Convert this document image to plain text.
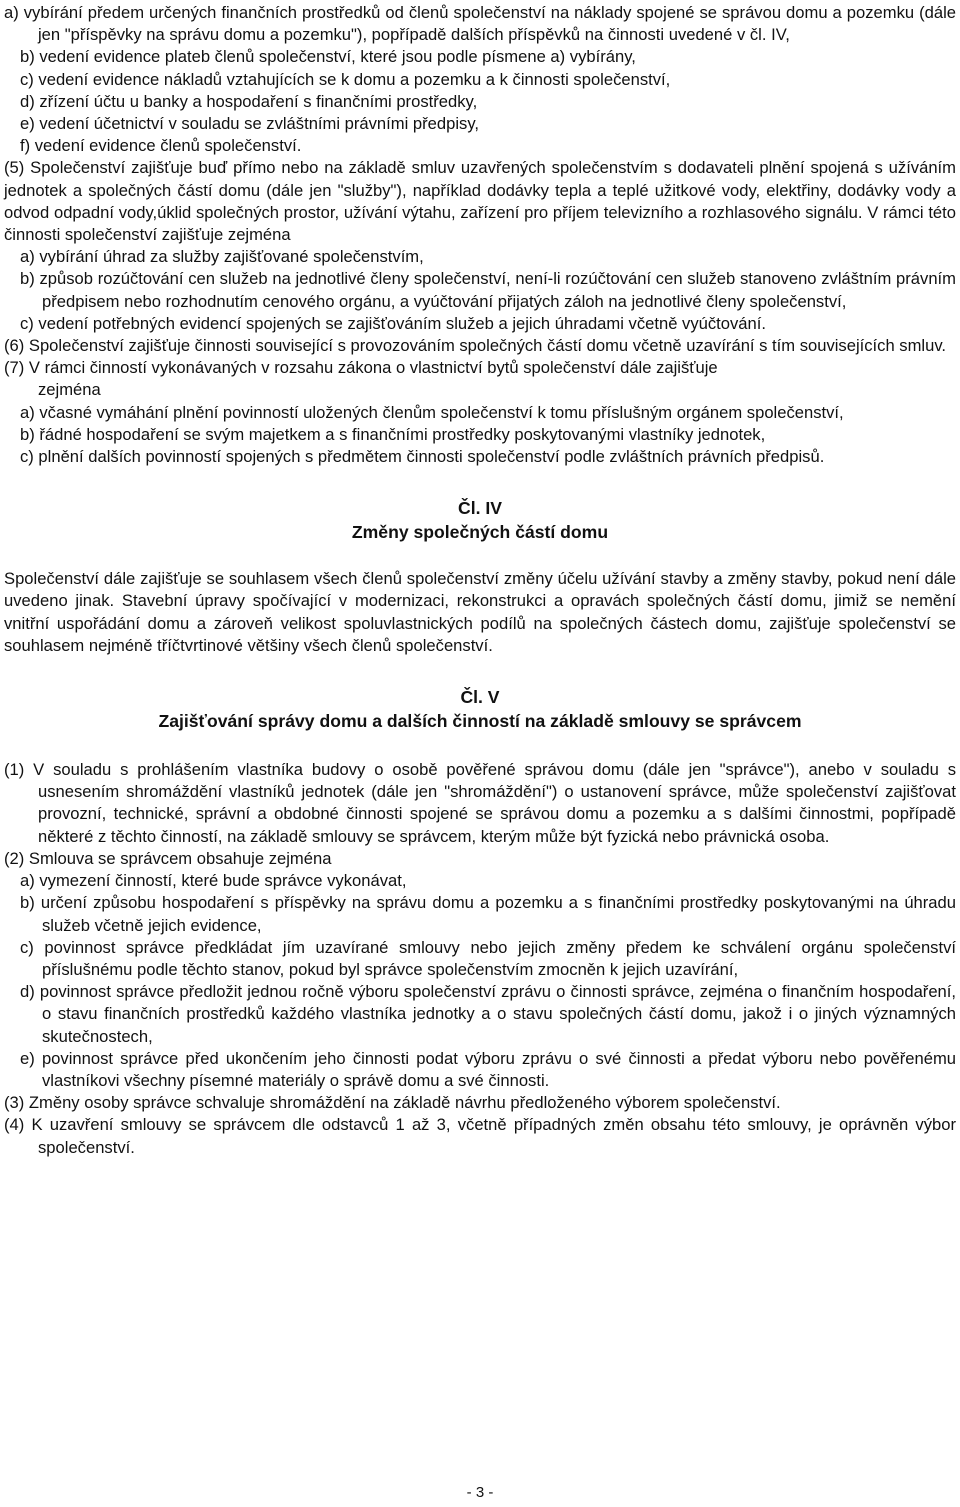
a) vybírání předem určených finančních prostředků od členů společenství na náklady spojené se správou domu a pozemku (dále jen "příspěvky na správu domu a pozemku"), popřípadě dalších příspěvků na činnosti uvedené v čl. IV,

b) vedení evidence plateb členů společenství, které jsou podle písmene a) vybírány,

c) vedení evidence nákladů vztahujících se k domu a pozemku a k činnosti společenství,

d) zřízení účtu u banky a hospodaření s finančními prostředky,

e) vedení účetnictví v souladu se zvláštními právními předpisy,

f) vedení evidence členů společenství.

(5) Společenství zajišťuje buď přímo nebo na základě smluv uzavřených společenstvím s dodavateli plnění spojená s užíváním jednotek a společných částí domu (dále jen "služby"), například dodávky tepla a teplé užitkové vody, elektřiny, dodávky vody a odvod odpadní vody,úklid společných prostor, užívání výtahu, zařízení pro příjem televizního a rozhlasového signálu. V rámci této činnosti společenství zajišťuje zejména

a) vybírání úhrad za služby zajišťované společenstvím,

b) způsob rozúčtování cen služeb na jednotlivé členy společenství, není-li rozúčtování cen služeb stanoveno zvláštním právním předpisem nebo rozhodnutím cenového orgánu, a vyúčtování přijatých záloh na jednotlivé členy společenství,

c) vedení potřebných evidencí spojených se zajišťováním služeb a jejich úhradami včetně vyúčtování.

(6) Společenství zajišťuje činnosti související s provozováním společných částí domu včetně uzavírání s tím souvisejících smluv.

(7) V rámci činností vykonávaných v rozsahu zákona o vlastnictví bytů společenství dále zajišťuje

zejména

a) včasné vymáhání plnění povinností uložených členům společenství k tomu příslušným orgánem společenství,

b) řádné hospodaření se svým majetkem a s finančními prostředky poskytovanými vlastníky jednotek,

c) plnění dalších povinností spojených s předmětem činnosti společenství podle zvláštních právních předpisů.

Čl. IV

Změny společných částí domu

Společenství dále zajišťuje se souhlasem všech členů společenství změny účelu užívání stavby a změny stavby, pokud není dále uvedeno jinak. Stavební úpravy spočívající v modernizaci, rekonstrukci a opravách společných částí domu, jimiž se nemění vnitřní uspořádání domu a zároveň velikost spoluvlastnických podílů na společných částech domu, zajišťuje společenství se souhlasem nejméně tříčtvrtinové většiny všech členů společenství.

Čl. V

Zajišťování správy domu a dalších činností na základě smlouvy se správcem

(1) V souladu s prohlášením vlastníka budovy o osobě pověřené správou domu (dále jen "správce"), anebo v souladu s usnesením shromáždění vlastníků jednotek (dále jen "shromáždění") o ustanovení správce, může společenství zajišťovat provozní, technické, správní a obdobné činnosti spojené se správou domu a pozemku a s dalšími činnostmi, popřípadě některé z těchto činností, na základě smlouvy se správcem, kterým může být fyzická nebo právnická osoba.

(2) Smlouva se správcem obsahuje zejména

a) vymezení činností, které bude správce vykonávat,

b) určení způsobu hospodaření s příspěvky na správu domu a pozemku a s finančními prostředky poskytovanými na úhradu služeb včetně jejich evidence,

c) povinnost správce předkládat jím uzavírané smlouvy nebo jejich změny předem ke schválení orgánu společenství příslušnému podle těchto stanov, pokud byl správce společenstvím zmocněn k jejich uzavírání,

d) povinnost správce předložit jednou ročně výboru společenství zprávu o činnosti správce, zejména o finančním hospodaření, o stavu finančních prostředků každého vlastníka jednotky a o stavu společných částí domu, jakož i o jiných významných skutečnostech,

e) povinnost správce před ukončením jeho činnosti podat výboru zprávu o své činnosti a předat výboru nebo pověřenému vlastníkovi všechny písemné materiály o správě domu a své činnosti.

(3) Změny osoby správce schvaluje shromáždění na základě návrhu předloženého výborem společenství.

(4) K uzavření smlouvy se správcem dle odstavců 1 až 3, včetně případných změn obsahu této smlouvy, je oprávněn výbor společenství.

- 3 -
